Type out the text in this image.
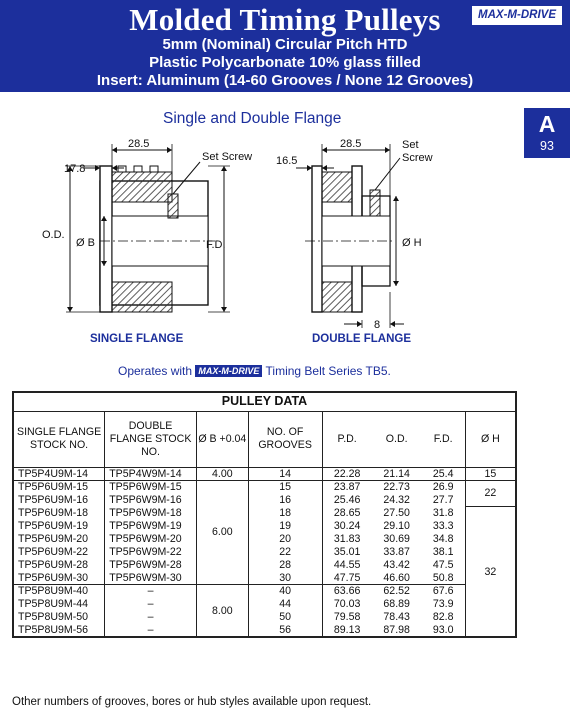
Molded Timing Pulleys	MAX-M-DRIVE
5mm (Nominal) Circular Pitch HTD
Plastic Polycarbonate 10% glass filled
Insert: Aluminum (14-60 Grooves / None 12 Grooves)
Single and Double Flange	A
93
28.5
17.8
Set Screw
O.D.
Ø B	F.D.
SINGLE FLANGE
28.5
16.5
Set
Screw
Ø H
8
DOUBLE FLANGE
Operates with MAX-M-DRIVE Timing Belt Series TB5.
PULLEY DATA							
SINGLE FLANGE STOCK NO.	DOUBLE FLANGE STOCK NO.	Ø B +0.04	NO. OF GROOVES	P.D.	O.D.	F.D.	Ø H
TP5P4U9M-14	TP5P4W9M-14	4.00	14	22.28	21.14	25.4	15
TP5P6U9M-15	TP5P6W9M-15	6.00	15	23.87	22.73	26.9	22
TP5P6U9M-16	TP5P6W9M-16		16	25.46	24.32	27.7	
TP5P6U9M-18	TP5P6W9M-18		18	28.65	27.50	31.8	32
TP5P6U9M-19	TP5P6W9M-19		19	30.24	29.10	33.3	
TP5P6U9M-20	TP5P6W9M-20		20	31.83	30.69	34.8	
TP5P6U9M-22	TP5P6W9M-22		22	35.01	33.87	38.1	
TP5P6U9M-28	TP5P6W9M-28		28	44.55	43.42	47.5	
TP5P6U9M-30	TP5P6W9M-30		30	47.75	46.60	50.8	
TP5P8U9M-40	–	8.00	40	63.66	62.52	67.6	
TP5P8U9M-44	–		44	70.03	68.89	73.9	
TP5P8U9M-50	–		50	79.58	78.43	82.8	
TP5P8U9M-56	–		56	89.13	87.98	93.0	
Other numbers of grooves, bores or hub styles available upon request.
